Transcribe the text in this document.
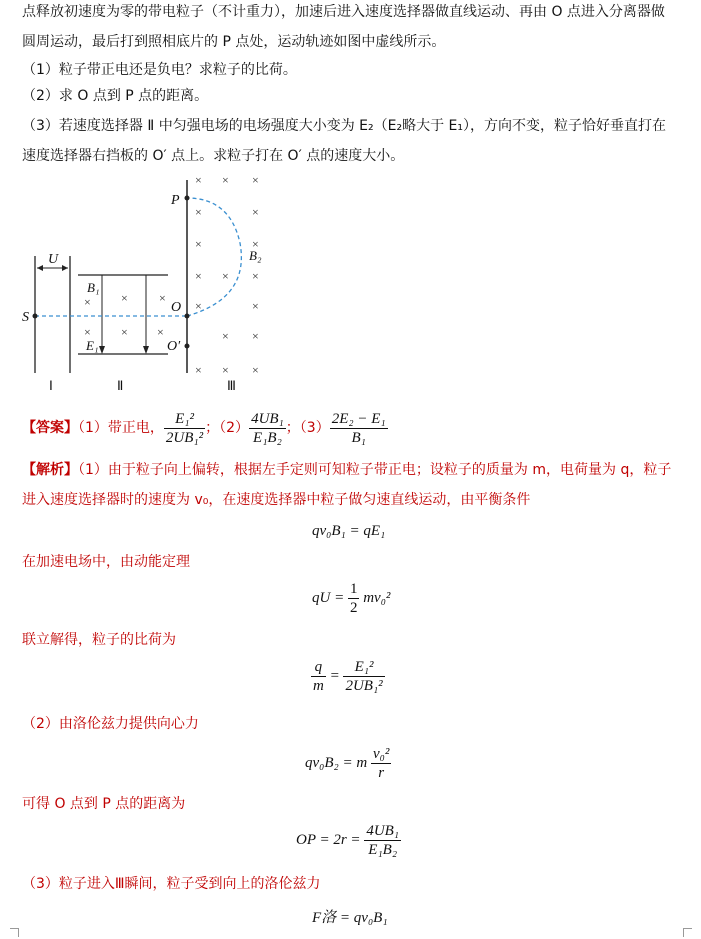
点释放初速度为零的带电粒子（不计重力），加速后进入速度选择器做直线运动、再由 O 点进入分离器做
圆周运动，最后打到照相底片的 P 点处，运动轨迹如图中虚线所示。
（1）粒子带正电还是负电？求粒子的比荷。
（2）求 O 点到 P 点的距离。
（3）若速度选择器 Ⅱ 中匀强电场的电场强度大小变为 E₂（E₂略大于 E₁），方向不变，粒子恰好垂直打在
速度选择器右挡板的 O′ 点上。求粒子打在 O′ 点的速度大小。
U
×	×	×
×	× ×
B₁
E₁
S
P
O
O′
B₂
× × ×
×	×
×	×
× × ×
×	×
× ×
× × ×
Ⅰ	Ⅱ	Ⅲ
【答案】（1）带正电， $\frac{\text{E₁²}}{\text{2UB₁²}}$ ；$(2) \frac{\text{4UB₁}}{\text{E₁B₂}}$ ；$(3) \frac{\text{2E₂ − E₁}}{\text{B₁}}$
【解析】（1）由于粒子向上偏转，根据左手定则可知粒子带正电；设粒子的质量为 m，电荷量为 q，粒子
进入速度选择器时的速度为 v₀，在速度选择器中粒子做匀速直线运动，由平衡条件
qv₀B₁ = qE₁
在加速电场中，由动能定理
qU = $\frac{1}{2} mv_0^2$
联立解得，粒子的比荷为
$\frac{q}{m} = \frac{\text{E₁²}}{\text{2UB₁²}}$
（2）由洛伦兹力提供向心力
qv₀B₂ = m $\frac{\text{v₀²}}{r}$
可得 O 点到 P 点的距离为
OP = $2r = \frac{\text{4UB₁}}{\text{E₁B₂}}$
（3）粒子进入Ⅲ瞬间，粒子受到向上的洛伦兹力
F洛 = qv₀B₁
